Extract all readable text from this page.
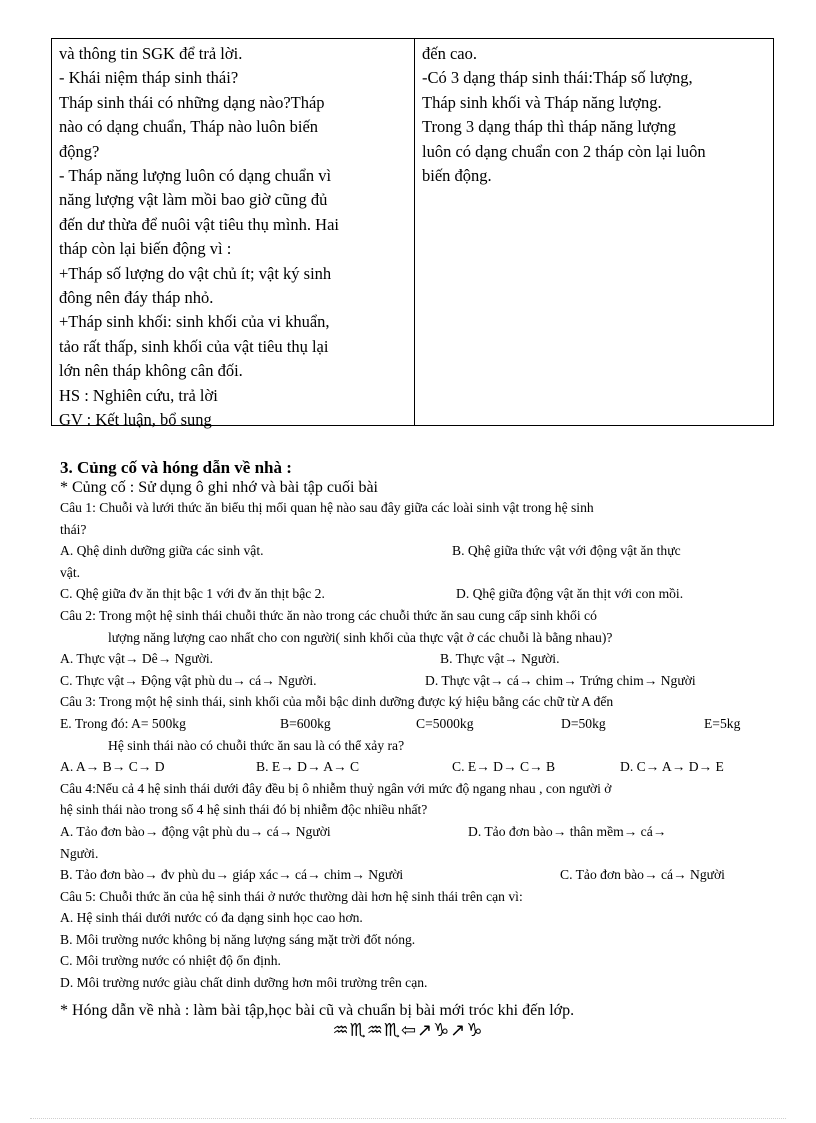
và thông tin SGK để trả lời.
- Khái niệm tháp sinh thái?
Tháp sinh thái có những dạng nào?Tháp
nào có dạng chuẩn, Tháp nào luôn biến
động?
- Tháp năng lượng luôn có dạng chuẩn vì
năng lượng vật làm mồi bao giờ cũng đủ
đến dư thừa để nuôi vật tiêu thụ mình. Hai
tháp còn lại biến động vì :
+Tháp số lượng do vật chủ ít; vật ký sinh
đông nên đáy tháp nhỏ.
+Tháp sinh khối: sinh khối của vi khuẩn,
tảo rất thấp, sinh khối của vật tiêu thụ lại
lớn nên tháp không cân đối.
HS : Nghiên cứu, trả lời
GV : Kết luận, bổ sung
đến cao.
-Có 3 dạng tháp sinh thái:Tháp số lượng,
Tháp sinh khối và Tháp năng lượng.
Trong 3 dạng tháp thì tháp năng lượng
luôn có dạng chuẩn con 2 tháp còn lại luôn
biến động.
3. Củng cố và hóng dẫn về nhà :
* Củng cố : Sử dụng ô ghi nhớ và bài tập cuối bài
Câu 1: Chuỗi và lưới thức ăn biểu thị mối quan hệ nào sau đây giữa các loài sinh vật trong hệ sinh
thái?
A. Qhệ dinh dưỡng giữa các sinh vật.	B. Qhệ giữa thức vật với động vật ăn thực
vật.
C. Qhệ giữa đv ăn thịt bậc 1 với đv ăn thịt bậc 2.	D. Qhệ giữa động vật ăn thịt với con mồi.
Câu 2: Trong một hệ sinh thái chuỗi thức ăn nào trong các chuỗi thức ăn sau cung cấp sinh khối có
lượng năng lượng cao nhất cho con người( sinh khối của thực vật ở các chuỗi là bằng nhau)?
A. Thực vật→ Dê→ Người.	B. Thực vật→ Người.
C. Thực vật→ Động vật phù du→ cá→ Người.	D. Thực vật→ cá→ chim→ Trứng chim→ Người
Câu 3: Trong một hệ sinh thái, sinh khối của mỗi bậc dinh dưỡng được ký hiệu bằng các chữ từ A đến
E. Trong đó: A= 500kg	B=600kg	C=5000kg	D=50kg	E=5kg
Hệ sinh thái nào có chuỗi thức ăn sau là có thể xảy ra?
A. A→ B→ C→ D	B. E→ D→ A→ C	C. E→ D→ C→ B	D. C→ A→ D→ E
Câu 4:Nếu cả 4 hệ sinh thái dưới đây đều bị ô nhiễm thuỷ ngân với mức độ ngang nhau , con người ở
hệ sinh thái nào trong số 4 hệ sinh thái đó bị nhiễm độc nhiều nhất?
A. Tảo đơn bào→ động vật phù du→ cá→ Người	D. Tảo đơn bào→ thân mềm→ cá→
Người.
B. Tảo đơn bào→ đv phù du→ giáp xác→ cá→ chim→ Người	C. Tảo đơn bào→ cá→ Người
Câu 5: Chuỗi thức ăn của hệ sinh thái ở nước thường dài hơn hệ sinh thái trên cạn vì:
A. Hệ sinh thái dưới nước có đa dạng sinh học cao hơn.
B. Môi trường nước không bị năng lượng sáng mặt trời đốt nóng.
C. Môi trường nước có nhiệt độ ổn định.
D. Môi trường nước giàu chất dinh dưỡng hơn môi trường trên cạn.
* Hóng dẫn về nhà : làm bài tập,học bài cũ và chuẩn bị bài mới tróc khi đến lớp.
♒♏♒♏⇦↗♑↗♑
